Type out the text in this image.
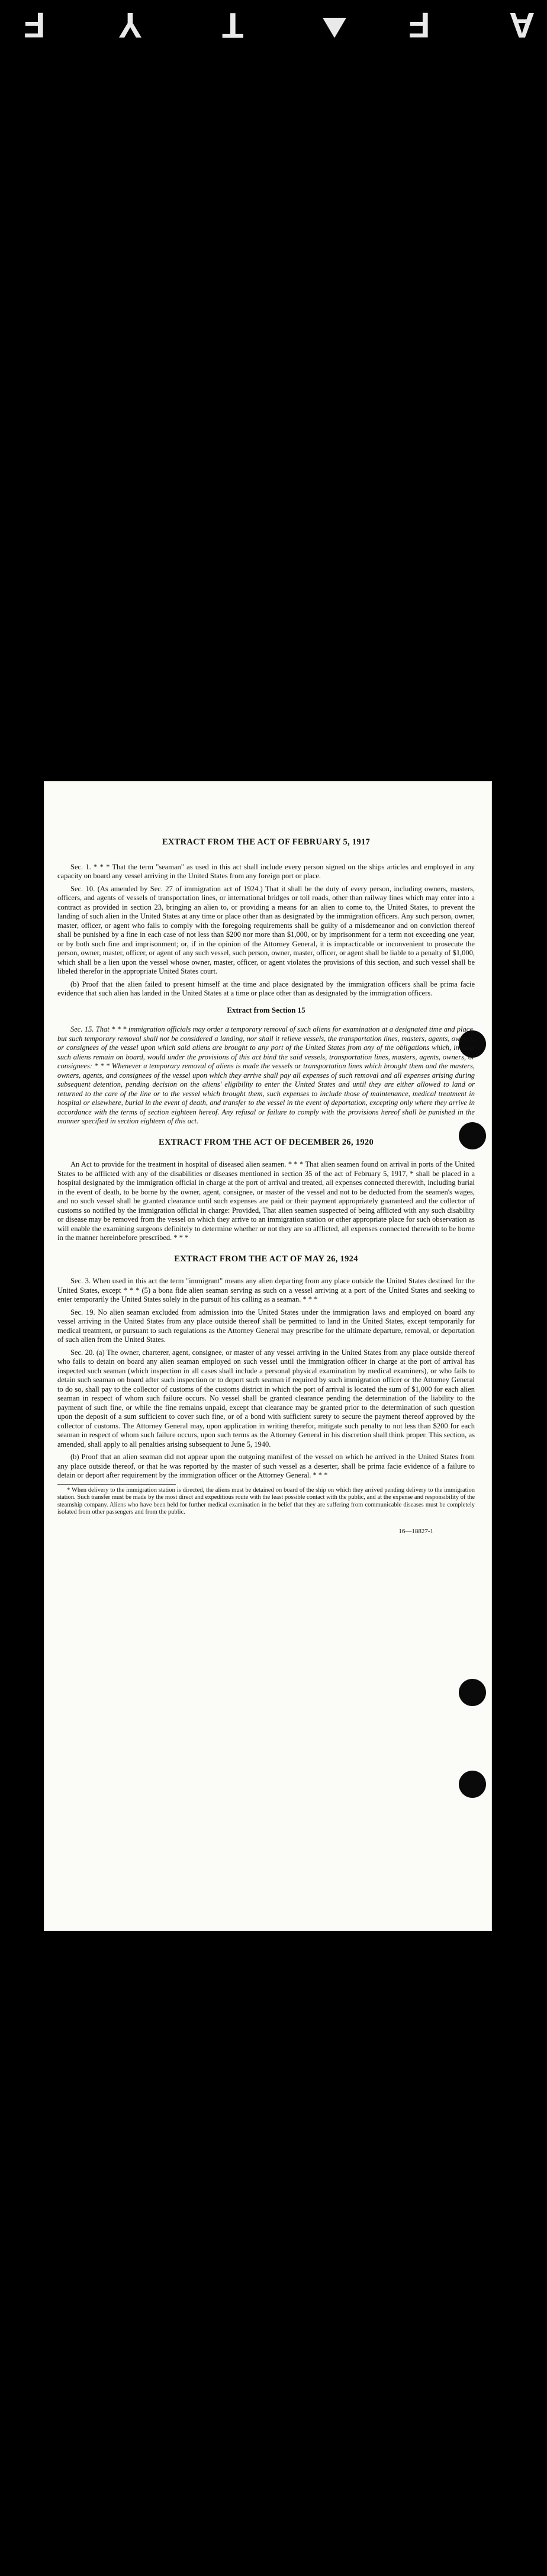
F Y T	F A
EXTRACT FROM THE ACT OF FEBRUARY 5, 1917

Sec. 1. * * * That the term "seaman" as used in this act shall include every person signed on the ships articles and employed in any capacity on board any vessel arriving in the United States from any foreign port or place.

Sec. 10. (As amended by Sec. 27 of immigration act of 1924.) That it shall be the duty of every person, including owners, masters, officers, and agents of vessels of transportation lines, or international bridges or toll roads, other than railway lines which may enter into a contract as provided in section 23, bringing an alien to, or providing a means for an alien to come to, the United States, to prevent the landing of such alien in the United States at any time or place other than as designated by the immigration officers. Any such person, owner, master, officer, or agent who fails to comply with the foregoing requirements shall be guilty of a misdemeanor and on conviction thereof shall be punished by a fine in each case of not less than $200 nor more than $1,000, or by imprisonment for a term not exceeding one year, or by both such fine and imprisonment; or, if in the opinion of the Attorney General, it is impracticable or inconvenient to prosecute the person, owner, master, officer, or agent of any such vessel, such person, owner, master, officer, or agent shall be liable to a penalty of $1,000, which shall be a lien upon the vessel whose owner, master, officer, or agent violates the provisions of this section, and such vessel shall be libeled therefor in the appropriate United States court.

(b) Proof that the alien failed to present himself at the time and place designated by the immigration officers shall be prima facie evidence that such alien has landed in the United States at a time or place other than as designated by the immigration officers.

Extract from Section 15

Sec. 15. That * * * immigration officials may order a temporary removal of such aliens for examination at a designated time and place, but such temporary removal shall not be considered a landing, nor shall it relieve vessels, the transportation lines, masters, agents, owners, or consignees of the vessel upon which said aliens are brought to any port of the United States from any of the obligations which, in case such aliens remain on board, would under the provisions of this act bind the said vessels, transportation lines, masters, agents, owners, or consignees: * * * Whenever a temporary removal of aliens is made the vessels or transportation lines which brought them and the masters, owners, agents, and consignees of the vessel upon which they arrive shall pay all expenses of such removal and all expenses arising during subsequent detention, pending decision on the aliens' eligibility to enter the United States and until they are either allowed to land or returned to the care of the line or to the vessel which brought them, such expenses to include those of maintenance, medical treatment in hospital or elsewhere, burial in the event of death, and transfer to the vessel in the event of deportation, excepting only where they arrive in accordance with the terms of section eighteen hereof. Any refusal or failure to comply with the provisions hereof shall be punished in the manner specified in section eighteen of this act.

EXTRACT FROM THE ACT OF DECEMBER 26, 1920

An Act to provide for the treatment in hospital of diseased alien seamen. * * * That alien seamen found on arrival in ports of the United States to be afflicted with any of the disabilities or diseases mentioned in section 35 of the act of February 5, 1917, * shall be placed in a hospital designated by the immigration official in charge at the port of arrival and treated, all expenses connected therewith, including burial in the event of death, to be borne by the owner, agent, consignee, or master of the vessel and not to be deducted from the seamen's wages, and no such vessel shall be granted clearance until such expenses are paid or their payment appropriately guaranteed and the collector of customs so notified by the immigration official in charge: Provided, That alien seamen suspected of being afflicted with any such disability or disease may be removed from the vessel on which they arrive to an immigration station or other appropriate place for such observation as will enable the examining surgeons definitely to determine whether or not they are so afflicted, all expenses connected therewith to be borne in the manner hereinbefore prescribed. * * *

EXTRACT FROM THE ACT OF MAY 26, 1924

Sec. 3. When used in this act the term "immigrant" means any alien departing from any place outside the United States destined for the United States, except * * * (5) a bona fide alien seaman serving as such on a vessel arriving at a port of the United States and seeking to enter temporarily the United States solely in the pursuit of his calling as a seaman. * * *

Sec. 19. No alien seaman excluded from admission into the United States under the immigration laws and employed on board any vessel arriving in the United States from any place outside thereof shall be permitted to land in the United States, except temporarily for medical treatment, or pursuant to such regulations as the Attorney General may prescribe for the ultimate departure, removal, or deportation of such alien from the United States.

Sec. 20. (a) The owner, charterer, agent, consignee, or master of any vessel arriving in the United States from any place outside thereof who fails to detain on board any alien seaman employed on such vessel until the immigration officer in charge at the port of arrival has inspected such seaman (which inspection in all cases shall include a personal physical examination by medical examiners), or who fails to detain such seaman on board after such inspection or to deport such seaman if required by such immigration officer or the Attorney General to do so, shall pay to the collector of customs of the customs district in which the port of arrival is located the sum of $1,000 for each alien seaman in respect of whom such failure occurs. No vessel shall be granted clearance pending the determination of the liability to the payment of such fine, or while the fine remains unpaid, except that clearance may be granted prior to the determination of such question upon the deposit of a sum sufficient to cover such fine, or of a bond with sufficient surety to secure the payment thereof approved by the collector of customs. The Attorney General may, upon application in writing therefor, mitigate such penalty to not less than $200 for each seaman in respect of whom such failure occurs, upon such terms as the Attorney General in his discretion shall think proper. This section, as amended, shall apply to all penalties arising subsequent to June 5, 1940.

(b) Proof that an alien seaman did not appear upon the outgoing manifest of the vessel on which he arrived in the United States from any place outside thereof, or that he was reported by the master of such vessel as a deserter, shall be prima facie evidence of a failure to detain or deport after requirement by the immigration officer or the Attorney General. * * *

* When delivery to the immigration station is directed, the aliens must be detained on board of the ship on which they arrived pending delivery to the immigration station. Such transfer must be made by the most direct and expeditious route with the least possible contact with the public, and at the expense and responsibility of the steamship company. Aliens who have been held for further medical examination in the belief that they are suffering from communicable diseases must be completely isolated from other passengers and from the public.

16—18827-1
